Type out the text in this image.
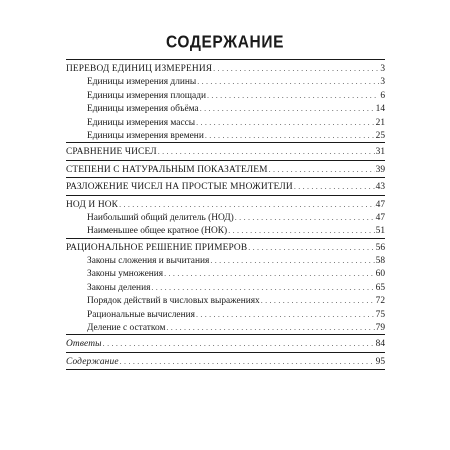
СОДЕРЖАНИЕ
ПЕРЕВОД ЕДИНИЦ ИЗМЕРЕНИЯ . . .	3
Единицы измерения длины . . .	3
Единицы измерения площади . . .	6
Единицы измерения объёма . . .	14
Единицы измерения массы . . .	21
Единицы измерения времени . . .	25
СРАВНЕНИЕ ЧИСЕЛ . . .	31
СТЕПЕНИ С НАТУРАЛЬНЫМ ПОКАЗАТЕЛЕМ . . .	39
РАЗЛОЖЕНИЕ ЧИСЕЛ НА ПРОСТЫЕ МНОЖИТЕЛИ . . .	43
НОД И НОК . . .	47
Наибольший общий делитель (НОД) . . .	47
Наименьшее общее кратное (НОК) . . .	51
РАЦИОНАЛЬНОЕ РЕШЕНИЕ ПРИМЕРОВ . . .	56
Законы сложения и вычитания . . .	58
Законы умножения . . .	60
Законы деления . . .	65
Порядок действий в числовых выражениях . . .	72
Рациональные вычисления . . .	75
Деление с остатком . . .	79
Ответы . . .	84
Содержание . . .	95
